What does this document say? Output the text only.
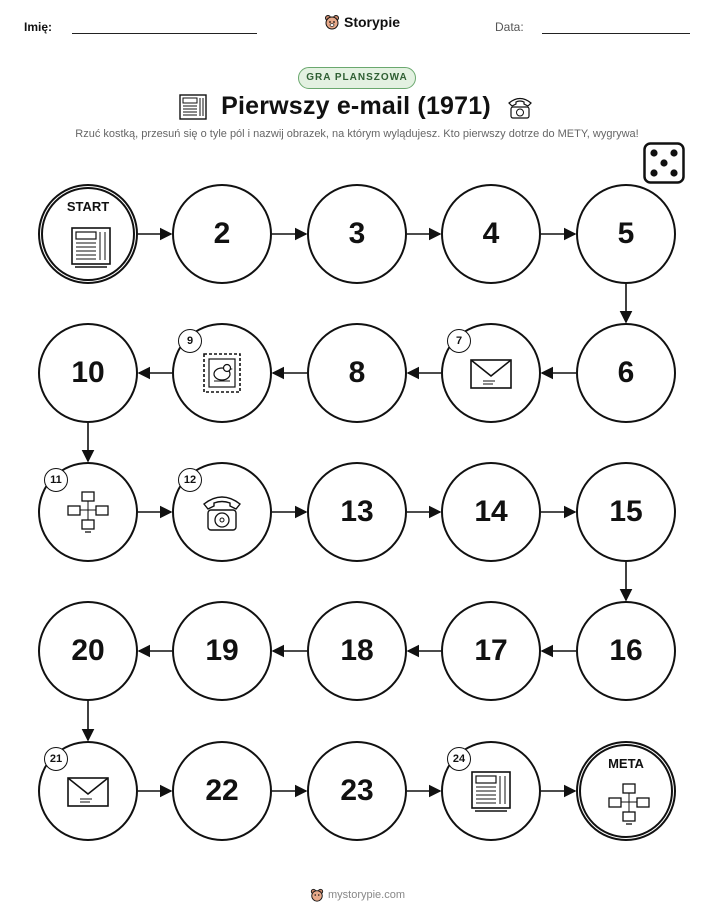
Imię:	Storypie	Data:
GRA PLANSZOWA
Pierwszy e-mail (1971)
Rzuć kostką, przesuń się o tyle pól i nazwij obrazek, na którym wylądujesz. Kto pierwszy dotrze do METY, wygrywa!
START
2	3	4	5
6
7
8
9
10
11	12
13	14	15
16
17
18
19
20
21
22	23
24	META
mystorypie.com
